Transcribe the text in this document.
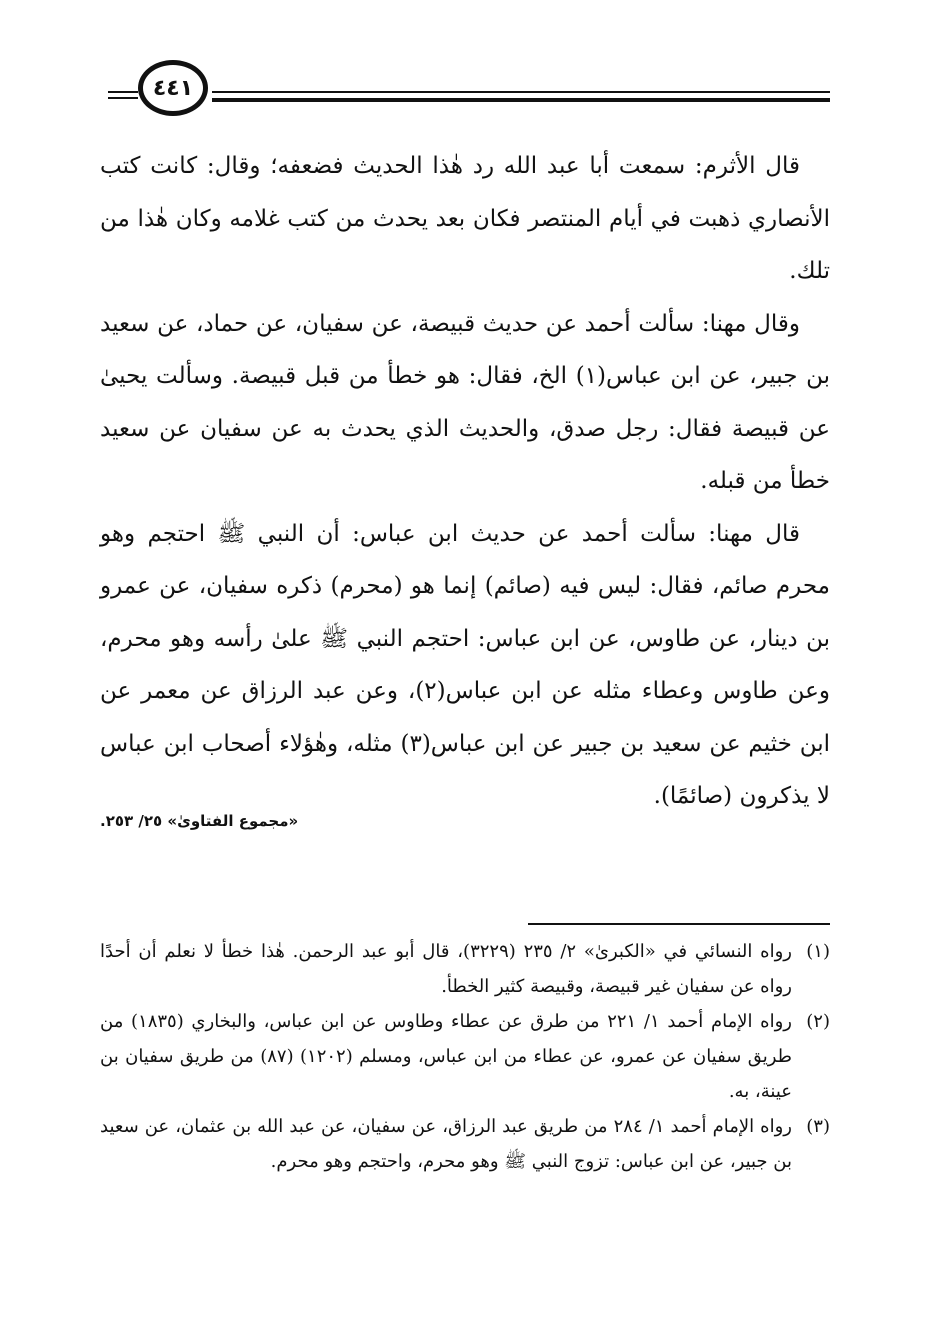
٤٤١

قال الأثرم: سمعت أبا عبد الله رد هٰذا الحديث فضعفه؛ وقال: كانت كتب الأنصاري ذهبت في أيام المنتصر فكان بعد يحدث من كتب غلامه وكان هٰذا من تلك.

وقال مهنا: سألت أحمد عن حديث قبيصة، عن سفيان، عن حماد، عن سعيد بن جبير، عن ابن عباس(١) الخ، فقال: هو خطأ من قبل قبيصة. وسألت يحيىٰ عن قبيصة فقال: رجل صدق، والحديث الذي يحدث به عن سفيان عن سعيد خطأ من قبله.

قال مهنا: سألت أحمد عن حديث ابن عباس: أن النبي ﷺ احتجم وهو محرم صائم، فقال: ليس فيه (صائم) إنما هو (محرم) ذكره سفيان، عن عمرو بن دينار، عن طاوس، عن ابن عباس: احتجم النبي ﷺ علىٰ رأسه وهو محرم، وعن طاوس وعطاء مثله عن ابن عباس(٢)، وعن عبد الرزاق عن معمر عن ابن خثيم عن سعيد بن جبير عن ابن عباس(٣) مثله، وهٰؤلاء أصحاب ابن عباس لا يذكرون (صائمًا).

«مجموع الفتاوىٰ» ٢٥/ ٢٥٣.
(١)
رواه النسائي في «الكبرىٰ» ٢/ ٢٣٥ (٣٢٢٩)، قال أبو عبد الرحمن. هٰذا خطأ لا نعلم أن أحدًا رواه عن سفيان غير قبيصة، وقبيصة كثير الخطأ.
(٢)
رواه الإمام أحمد ١/ ٢٢١ من طرق عن عطاء وطاوس عن ابن عباس، والبخاري (١٨٣٥) من طريق سفيان عن عمرو، عن عطاء من ابن عباس، ومسلم (١٢٠٢) (٨٧) من طريق سفيان بن عينة، به.
(٣)
رواه الإمام أحمد ١/ ٢٨٤ من طريق عبد الرزاق، عن سفيان، عن عبد الله بن عثمان، عن سعيد بن جبير، عن ابن عباس: تزوج النبي ﷺ وهو محرم، واحتجم وهو محرم.
